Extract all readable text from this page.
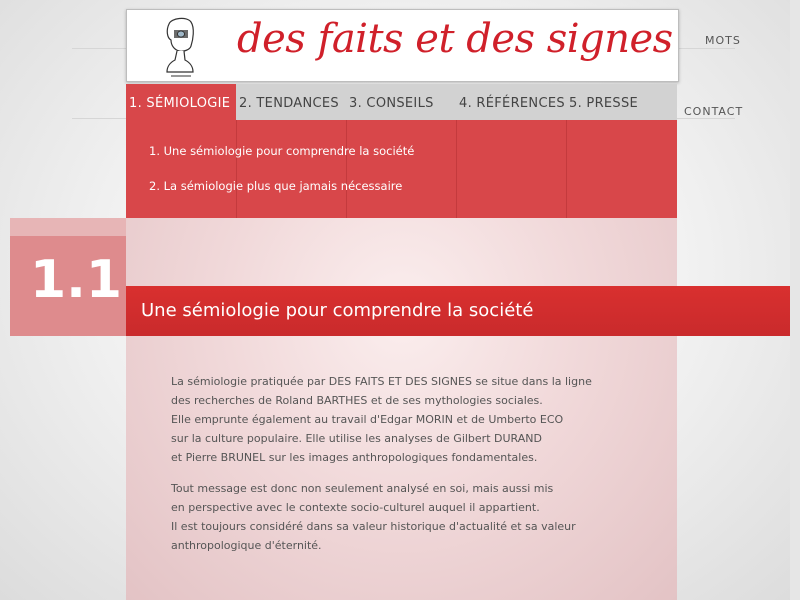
des faits et des signes	MOTS
CONTACT
1. SÉMIOLOGIE 2. TENDANCES 3. CONSEILS	4. RÉFÉRENCES 5. PRESSE
1. Une sémiologie pour comprendre la société
2. La sémiologie plus que jamais nécessaire
1.1
Une sémiologie pour comprendre la société
La sémiologie pratiquée par DES FAITS ET DES SIGNES se situe dans la ligne
des recherches de Roland BARTHES et de ses mythologies sociales.
Elle emprunte également au travail d'Edgar MORIN et de Umberto ECO
sur la culture populaire. Elle utilise les analyses de Gilbert DURAND
et Pierre BRUNEL sur les images anthropologiques fondamentales.
Tout message est donc non seulement analysé en soi, mais aussi mis
en perspective avec le contexte socio-culturel auquel il appartient.
Il est toujours considéré dans sa valeur historique d'actualité et sa valeur
anthropologique d'éternité.
